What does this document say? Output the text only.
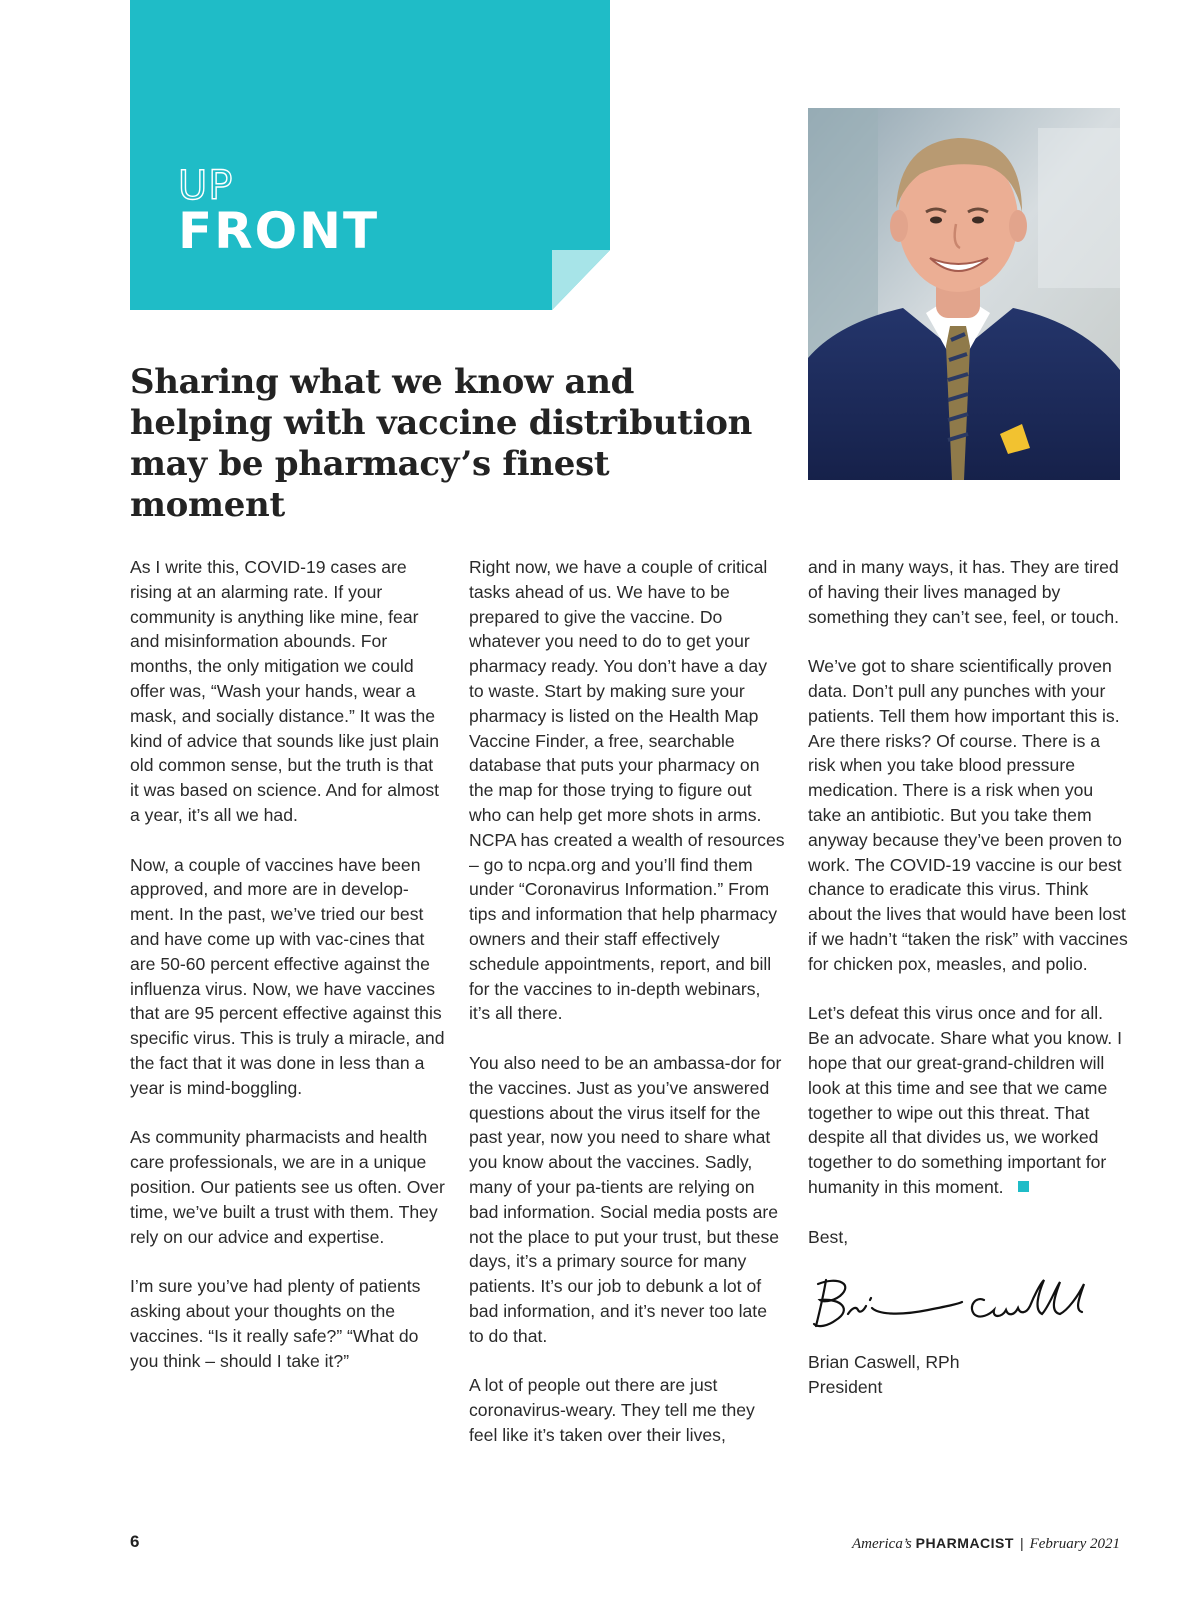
UP
FRONT
Sharing what we know and helping with vaccine distribution may be pharmacy’s finest moment

As I write this, COVID-19 cases are rising at an alarming rate. If your community is anything like mine, fear and misinformation abounds. For months, the only mitigation we could offer was, “Wash your hands, wear a mask, and socially distance.” It was the kind of advice that sounds like just plain old common sense, but the truth is that it was based on science. And for almost a year, it’s all we had.

Now, a couple of vaccines have been approved, and more are in develop-ment. In the past, we’ve tried our best and have come up with vac-cines that are 50-60 percent effective against the influenza virus. Now, we have vaccines that are 95 percent effective against this specific virus. This is truly a miracle, and the fact that it was done in less than a year is mind-boggling.

As community pharmacists and health care professionals, we are in a unique position. Our patients see us often. Over time, we’ve built a trust with them. They rely on our advice and expertise.

I’m sure you’ve had plenty of patients asking about your thoughts on the vaccines. “Is it really safe?” “What do you think – should I take it?”

Right now, we have a couple of critical tasks ahead of us. We have to be prepared to give the vaccine. Do whatever you need to do to get your pharmacy ready. You don’t have a day to waste. Start by making sure your pharmacy is listed on the Health Map Vaccine Finder, a free, searchable database that puts your pharmacy on the map for those trying to figure out who can help get more shots in arms. NCPA has created a wealth of resources – go to ncpa.org and you’ll find them under “Coronavirus Information.” From tips and information that help pharmacy owners and their staff effectively schedule appointments, report, and bill for the vaccines to in-depth webinars, it’s all there.

You also need to be an ambassa-dor for the vaccines. Just as you’ve answered questions about the virus itself for the past year, now you need to share what you know about the vaccines. Sadly, many of your pa-tients are relying on bad information. Social media posts are not the place to put your trust, but these days, it’s a primary source for many patients. It’s our job to debunk a lot of bad information, and it’s never too late to do that.

A lot of people out there are just coronavirus-weary. They tell me they feel like it’s taken over their lives,

and in many ways, it has. They are tired of having their lives managed by something they can’t see, feel, or touch.

We’ve got to share scientifically proven data. Don’t pull any punches with your patients. Tell them how important this is. Are there risks? Of course. There is a risk when you take blood pressure medication. There is a risk when you take an antibiotic. But you take them anyway because they’ve been proven to work. The COVID-19 vaccine is our best chance to eradicate this virus. Think about the lives that would have been lost if we hadn’t “taken the risk” with vaccines for chicken pox, measles, and polio.

Let’s defeat this virus once and for all. Be an advocate. Share what you know. I hope that our great-grand-children will look at this time and see that we came together to wipe out this threat. That despite all that divides us, we worked together to do something important for humanity in this moment.

Best,

Brian Caswell, RPh
President

6	America’s PHARMACIST | February 2021
